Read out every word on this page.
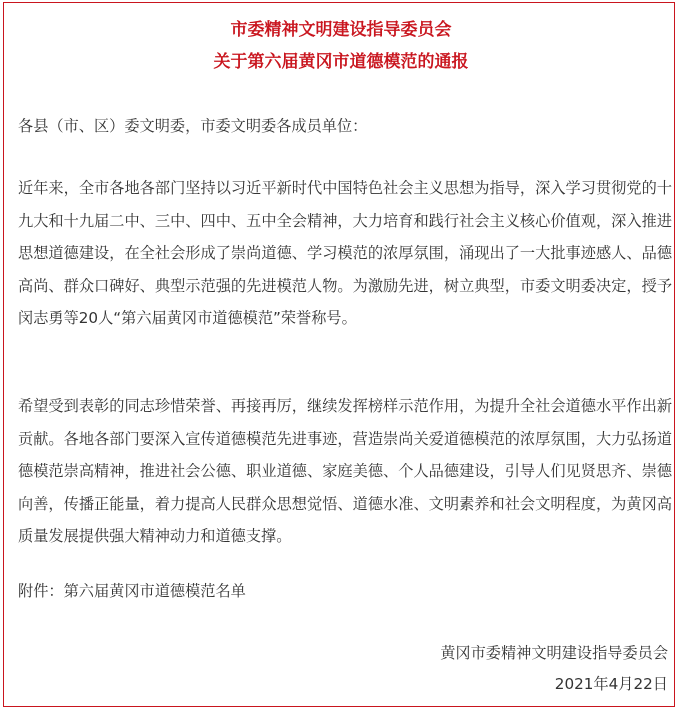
市委精神文明建设指导委员会
关于第六届黄冈市道德模范的通报

各县（市、区）委文明委，市委文明委各成员单位：

近年来，全市各地各部门坚持以习近平新时代中国特色社会主义思想为指导，深入学习贯彻党的十九大和十九届二中、三中、四中、五中全会精神，大力培育和践行社会主义核心价值观，深入推进思想道德建设，在全社会形成了崇尚道德、学习模范的浓厚氛围，涌现出了一大批事迹感人、品德高尚、群众口碑好、典型示范强的先进模范人物。为激励先进，树立典型，市委文明委决定，授予闵志勇等20人“第六届黄冈市道德模范”荣誉称号。

希望受到表彰的同志珍惜荣誉、再接再厉，继续发挥榜样示范作用，为提升全社会道德水平作出新贡献。各地各部门要深入宣传道德模范先进事迹，营造崇尚关爱道德模范的浓厚氛围，大力弘扬道德模范崇高精神，推进社会公德、职业道德、家庭美德、个人品德建设，引导人们见贤思齐、崇德向善，传播正能量，着力提高人民群众思想觉悟、道德水准、文明素养和社会文明程度，为黄冈高质量发展提供强大精神动力和道德支撑。

附件：第六届黄冈市道德模范名单

黄冈市委精神文明建设指导委员会
2021年4月22日
